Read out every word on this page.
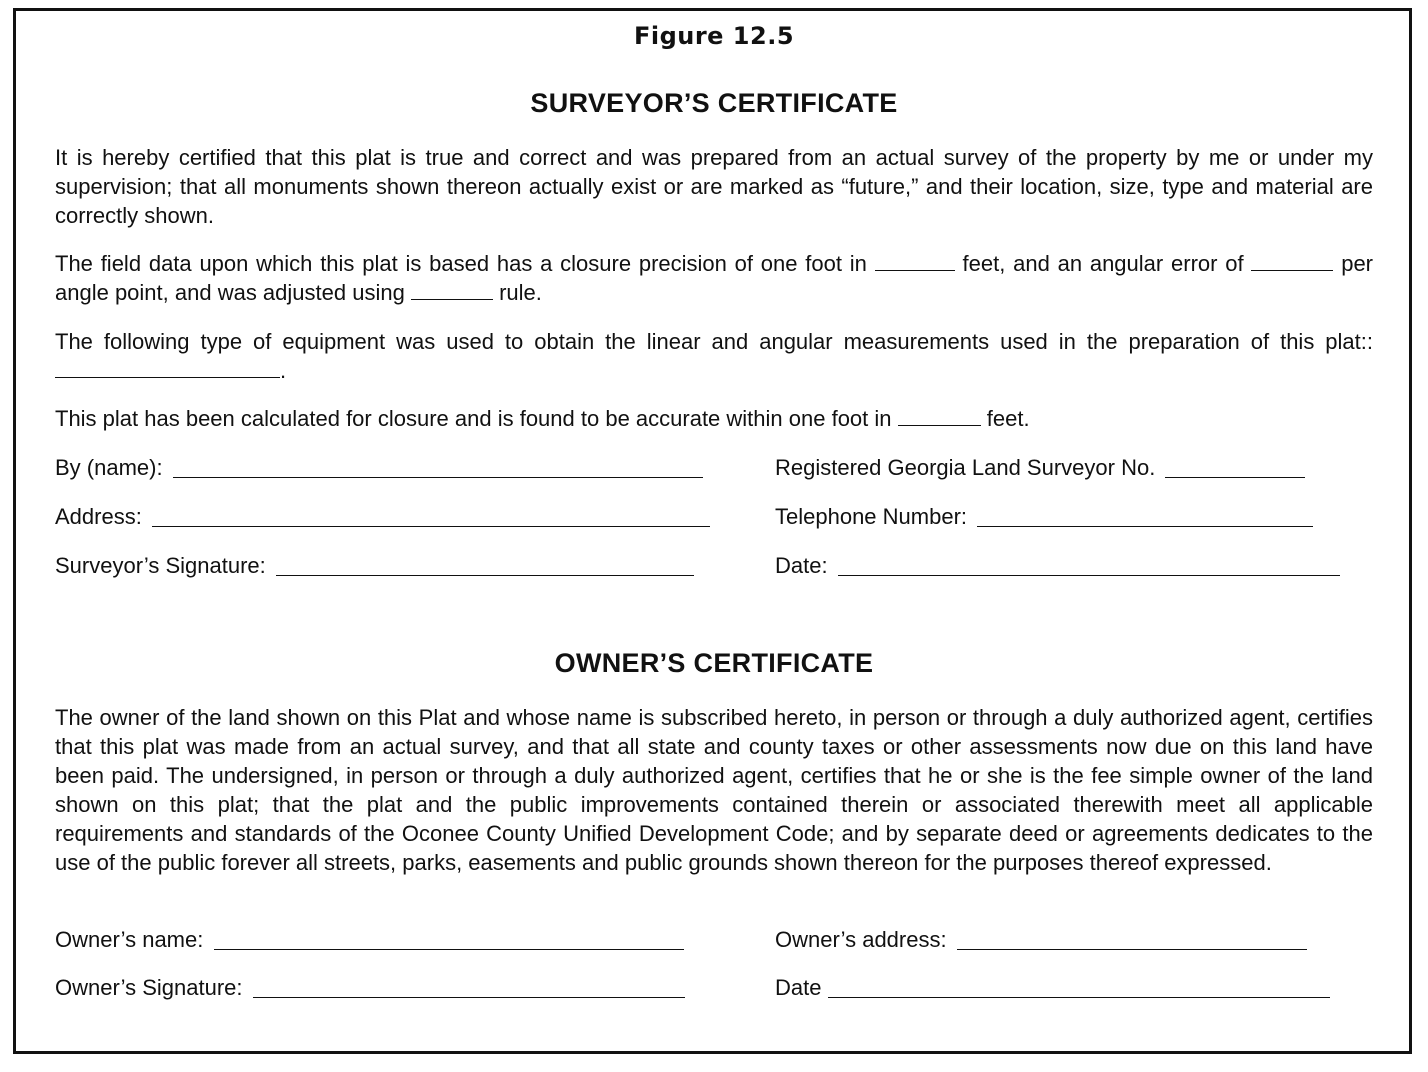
Figure 12.5
SURVEYOR’S CERTIFICATE
It is hereby certified that this plat is true and correct and was prepared from an actual survey of the property by me or under my supervision; that all monuments shown thereon actually exist or are marked as “future,” and their location, size, type and material are correctly shown.
The field data upon which this plat is based has a closure precision of one foot in	feet, and an angular error of	per angle point, and was adjusted using	rule.
The following type of equipment was used to obtain the linear and angular measurements used in the preparation of this plat:: .
This plat has been calculated for closure and is found to be accurate within one foot in	feet.
By (name):	Registered Georgia Land Surveyor No.
Address:	Telephone Number:
Surveyor’s Signature:	Date:
OWNER’S CERTIFICATE
The owner of the land shown on this Plat and whose name is subscribed hereto, in person or through a duly authorized agent, certifies that this plat was made from an actual survey, and that all state and county taxes or other assessments now due on this land have been paid. The undersigned, in person or through a duly authorized agent, certifies that he or she is the fee simple owner of the land shown on this plat; that the plat and the public improvements contained therein or associated therewith meet all applicable requirements and standards of the Oconee County Unified Development Code; and by separate deed or agreements dedicates to the use of the public forever all streets, parks, easements and public grounds shown thereon for the purposes thereof expressed.
Owner’s name:	Owner’s address:
Owner’s Signature:	Date
